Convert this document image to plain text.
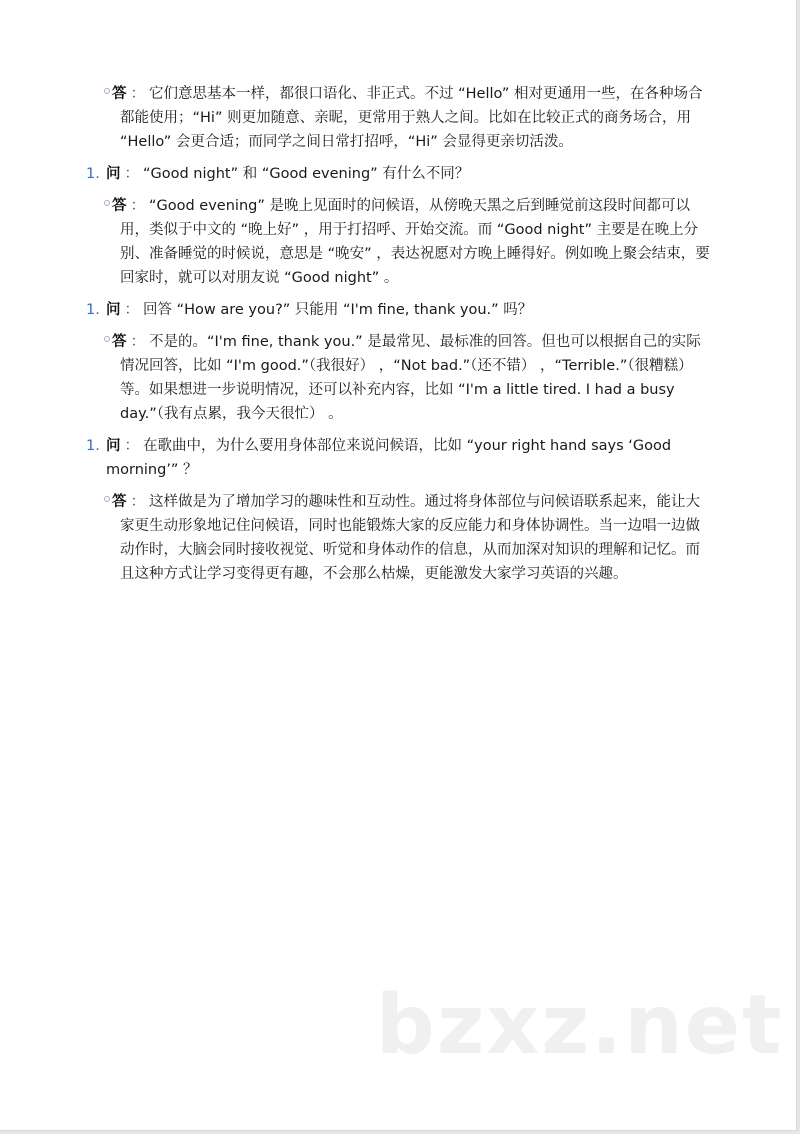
答 ： 它们意思基本一样，都很口语化、非正式。不过 “Hello” 相对更通用一些，在各种场合都能使用；“Hi” 则更加随意、亲昵，更常用于熟人之间。比如在比较正式的商务场合，用 “Hello” 会更合适；而同学之间日常打招呼，“Hi” 会显得更亲切活泼。
1. 问 ： “Good night” 和 “Good evening” 有什么不同？
答 ： “Good evening” 是晚上见面时的问候语，从傍晚天黑之后到睡觉前这段时间都可以用，类似于中文的 “晚上好” ，用于打招呼、开始交流。而 “Good night” 主要是在晚上分别、准备睡觉的时候说，意思是 “晚安” ，表达祝愿对方晚上睡得好。例如晚上聚会结束，要回家时，就可以对朋友说 “Good night” 。
1. 问 ： 回答 “How are you?” 只能用 “I'm fine, thank you.” 吗？
答 ： 不是的。“I'm fine, thank you.” 是最常见、最标准的回答。但也可以根据自己的实际情况回答，比如 “I'm good.”（我很好） ，“Not bad.”（还不错） ，“Terrible.”（很糟糕） 等。如果想进一步说明情况，还可以补充内容，比如 “I'm a little tired. I had a busy day.”（我有点累，我今天很忙） 。
1. 问 ： 在歌曲中，为什么要用身体部位来说问候语，比如 “your right hand says ‘Good morning’” ？
答 ： 这样做是为了增加学习的趣味性和互动性。通过将身体部位与问候语联系起来，能让大家更生动形象地记住问候语，同时也能锻炼大家的反应能力和身体协调性。当一边唱一边做动作时，大脑会同时接收视觉、听觉和身体动作的信息，从而加深对知识的理解和记忆。而且这种方式让学习变得更有趣，不会那么枯燥，更能激发大家学习英语的兴趣。
bzxz.net
